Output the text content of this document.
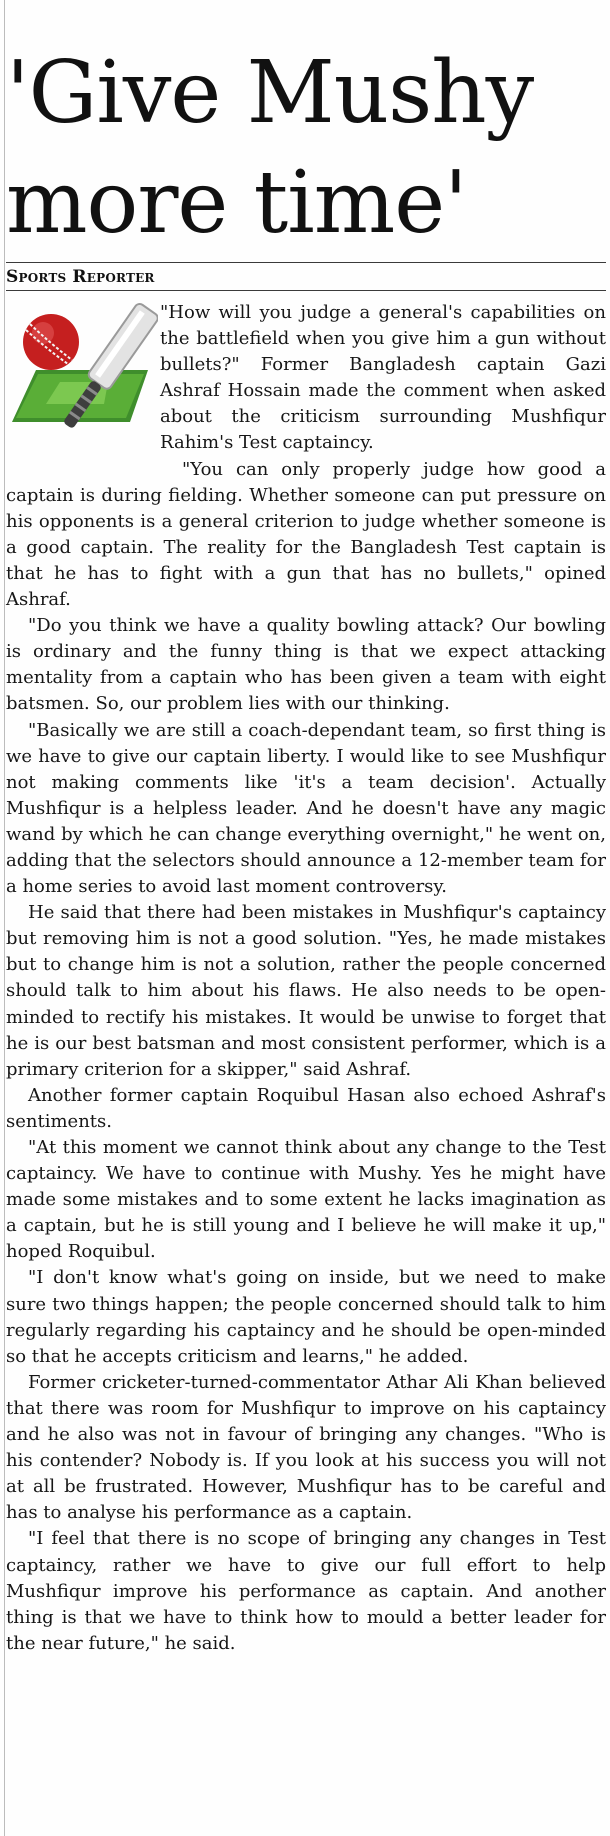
'Give Mushy
more time'
Sports Reporter

"How will you judge a general's capabilities on the battlefield when you give him a gun without bullets?" Former Bangladesh captain Gazi Ashraf Hossain made the comment when asked about the criticism surrounding Mushfiqur Rahim's Test captaincy.

"You can only properly judge how good a captain is during fielding. Whether someone can put pressure on his opponents is a general criterion to judge whether someone is a good captain. The reality for the Bangladesh Test captain is that he has to fight with a gun that has no bullets," opined Ashraf.

"Do you think we have a quality bowling attack? Our bowling is ordinary and the funny thing is that we expect attacking mentality from a captain who has been given a team with eight batsmen. So, our problem lies with our thinking.

"Basically we are still a coach-dependant team, so first thing is we have to give our captain liberty. I would like to see Mushfiqur not making comments like 'it's a team decision'. Actually Mushfiqur is a helpless leader. And he doesn't have any magic wand by which he can change everything overnight," he went on, adding that the selectors should announce a 12-member team for a home series to avoid last moment controversy.

He said that there had been mistakes in Mushfiqur's captaincy but removing him is not a good solution. "Yes, he made mistakes but to change him is not a solution, rather the people concerned should talk to him about his flaws. He also needs to be open-minded to rectify his mistakes. It would be unwise to forget that he is our best batsman and most consistent performer, which is a primary criterion for a skipper," said Ashraf.

Another former captain Roquibul Hasan also echoed Ashraf's sentiments.

"At this moment we cannot think about any change to the Test captaincy. We have to continue with Mushy. Yes he might have made some mistakes and to some extent he lacks imagination as a captain, but he is still young and I believe he will make it up," hoped Roquibul.

"I don't know what's going on inside, but we need to make sure two things happen; the people concerned should talk to him regularly regarding his captaincy and he should be open-minded so that he accepts criticism and learns," he added.

Former cricketer-turned-commentator Athar Ali Khan believed that there was room for Mushfiqur to improve on his captaincy and he also was not in favour of bringing any changes. "Who is his contender? Nobody is. If you look at his success you will not at all be frustrated. However, Mushfiqur has to be careful and has to analyse his performance as a captain.

"I feel that there is no scope of bringing any changes in Test captaincy, rather we have to give our full effort to help Mushfiqur improve his performance as captain. And another thing is that we have to think how to mould a better leader for the near future," he said.
